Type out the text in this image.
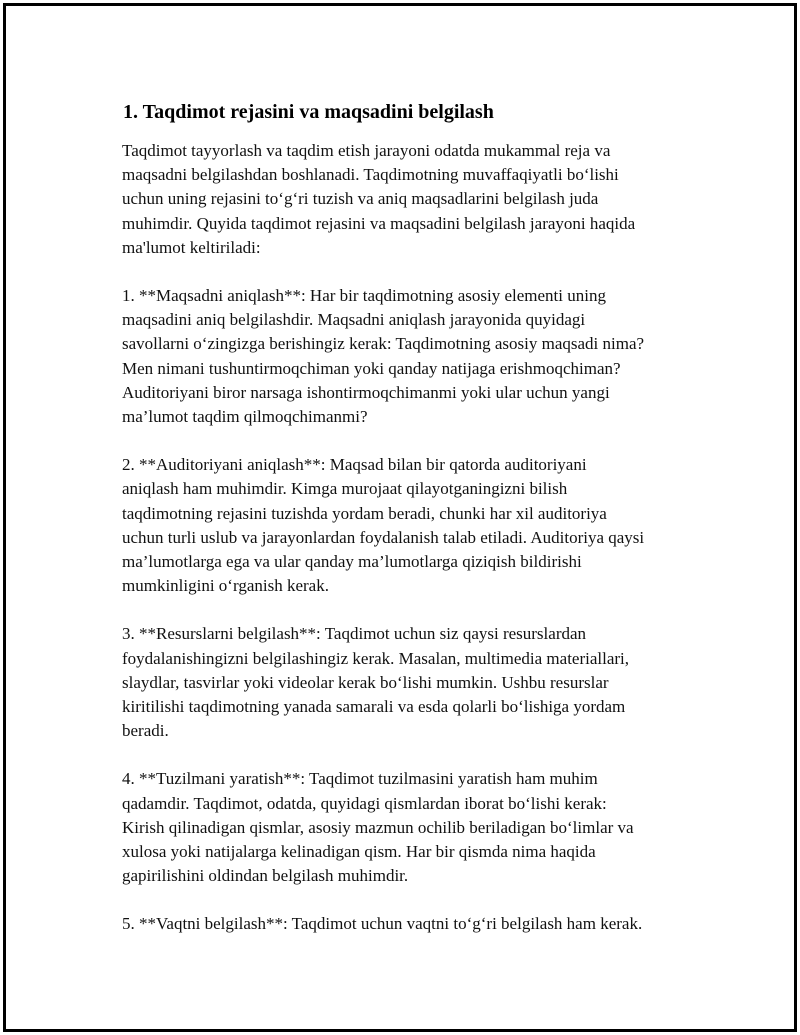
1. Taqdimot rejasini va maqsadini belgilash

Taqdimot tayyorlash va taqdim etish jarayoni odatda mukammal reja va
maqsadni belgilashdan boshlanadi. Taqdimotning muvaffaqiyatli bo‘lishi
uchun uning rejasini to‘g‘ri tuzish va aniq maqsadlarini belgilash juda
muhimdir. Quyida taqdimot rejasini va maqsadini belgilash jarayoni haqida
ma'lumot keltiriladi:

1. **Maqsadni aniqlash**: Har bir taqdimotning asosiy elementi uning
maqsadini aniq belgilashdir. Maqsadni aniqlash jarayonida quyidagi
savollarni o‘zingizga berishingiz kerak: Taqdimotning asosiy maqsadi nima?
Men nimani tushuntirmoqchiman yoki qanday natijaga erishmoqchiman?
Auditoriyani biror narsaga ishontirmoqchimanmi yoki ular uchun yangi
ma’lumot taqdim qilmoqchimanmi?

2. **Auditoriyani aniqlash**: Maqsad bilan bir qatorda auditoriyani
aniqlash ham muhimdir. Kimga murojaat qilayotganingizni bilish
taqdimotning rejasini tuzishda yordam beradi, chunki har xil auditoriya
uchun turli uslub va jarayonlardan foydalanish talab etiladi. Auditoriya qaysi
ma’lumotlarga ega va ular qanday ma’lumotlarga qiziqish bildirishi
mumkinligini o‘rganish kerak.

3. **Resurslarni belgilash**: Taqdimot uchun siz qaysi resurslardan
foydalanishingizni belgilashingiz kerak. Masalan, multimedia materiallari,
slaydlar, tasvirlar yoki videolar kerak bo‘lishi mumkin. Ushbu resurslar
kiritilishi taqdimotning yanada samarali va esda qolarli bo‘lishiga yordam
beradi.

4. **Tuzilmani yaratish**: Taqdimot tuzilmasini yaratish ham muhim
qadamdir. Taqdimot, odatda, quyidagi qismlardan iborat bo‘lishi kerak:
Kirish qilinadigan qismlar, asosiy mazmun ochilib beriladigan bo‘limlar va
xulosa yoki natijalarga kelinadigan qism. Har bir qismda nima haqida
gapirilishini oldindan belgilash muhimdir.

5. **Vaqtni belgilash**: Taqdimot uchun vaqtni to‘g‘ri belgilash ham kerak.
